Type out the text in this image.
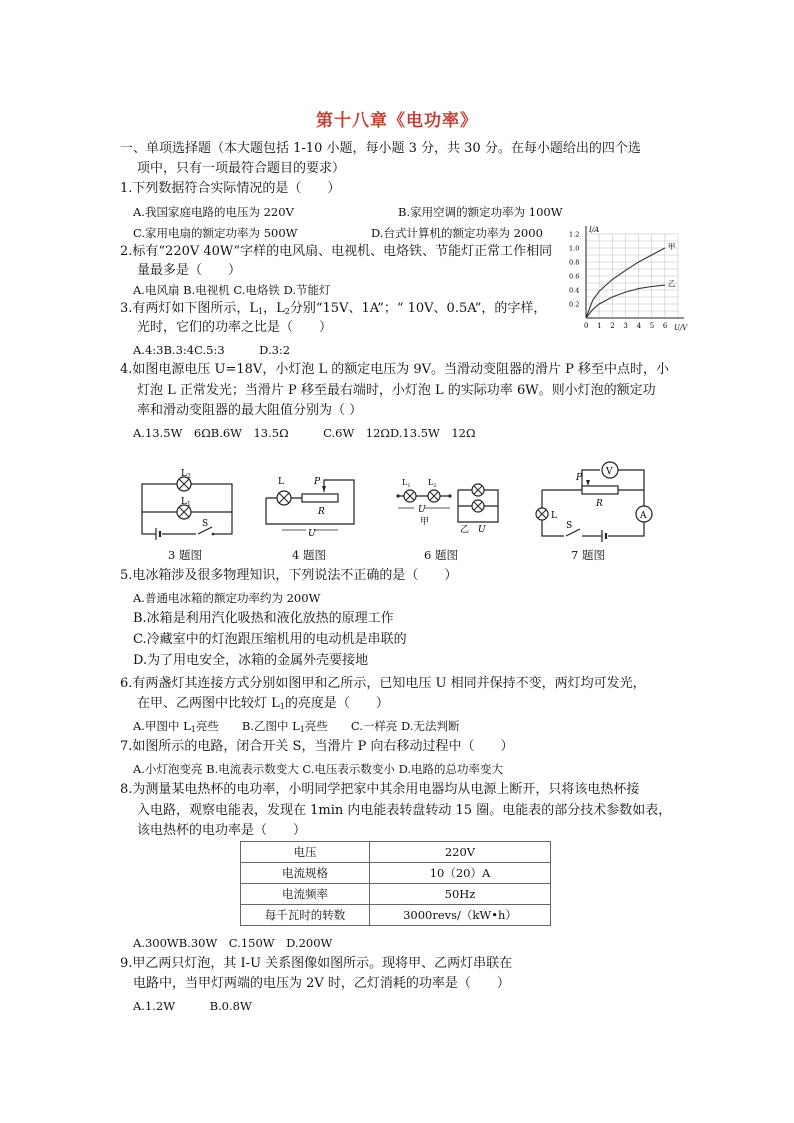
第十八章《电功率》
一、单项选择题（本大题包括 1-10 小题，每小题 3 分，共 30 分。在每小题给出的四个选
项中，只有一项最符合题目的要求）
1.下列数据符合实际情况的是（　　）
A.我国家庭电路的电压为 220V	B.家用空调的额定功率为 100W
C.家用电扇的额定功率为 500W	D.台式计算机的额定功率为 2000
2.标有“220V 40W”字样的电风扇、电视机、电烙铁、节能灯正常工作相同
量最多是（　　）
A.电风扇 B.电视机 C.电烙铁 D.节能灯
3.有两灯如下图所示，$L_1$，$L_2$分别“15V、1A”；“ 10V、0.5A”，的字样，
光时，它们的功率之比是（　　）
A.4:3B.3:4C.5:3　　　D.3:2
4.如图电源电压 U=18V，小灯泡 L 的额定电压为 9V。当滑动变阻器的滑片 P 移至中点时，小
灯泡 L 正常发光；当滑片 P 移至最右端时，小灯泡 L 的实际功率 6W。则小灯泡的额定功
率和滑动变阻器的最大阻值分别为（ ）
A.13.5W　6ΩB.6W　13.5Ω　　　C.6W　12ΩD.13.5W　12Ω
0 1 2 3 4 5 6
0.2
0.4
0.6
0.8
1.0
1.2
I/A
U/V
甲
乙
$L_2$
$L_1$
S
3 题图
L	P
R
U
4 题图
$L_1$ $L_2$
U
甲
乙 U
6 题图
V
A
P
R
L
S
7 题图
5.电冰箱涉及很多物理知识，下列说法不正确的是（　　）
A.普通电冰箱的额定功率约为 200W
B.冰箱是利用汽化吸热和液化放热的原理工作
C.冷藏室中的灯泡跟压缩机用的电动机是串联的
D.为了用电安全，冰箱的金属外壳要接地
6.有两盏灯其连接方式分别如图甲和乙所示，已知电压 U 相同并保持不变，两灯均可发光，
在甲、乙两图中比较灯 $L_1$的亮度是（　　）
A.甲图中 $L_1$亮些　　 B.乙图中 $L_1$亮些　　 C.一样亮 D.无法判断
7.如图所示的电路，闭合开关 S，当滑片 P 向右移动过程中（　　）
A.小灯泡变亮 B.电流表示数变大 C.电压表示数变小 D.电路的总功率变大
8.为测量某电热杯的电功率，小明同学把家中其余用电器均从电源上断开，只将该电热杯接
入电路，观察电能表，发现在 1min 内电能表转盘转动 15 圈。电能表的部分技术参数如表，
该电热杯的电功率是（　　）
电压	220V
电流规格	10（20）A
电流频率	50Hz
每千瓦时的转数	3000revs/（kW•h）
A.300WB.30W　C.150W　D.200W
9.甲乙两只灯泡，其 I-U 关系图像如图所示。现将甲、乙两灯串联在
电路中，当甲灯两端的电压为 2V 时，乙灯消耗的功率是（　　）
A.1.2W　　　B.0.8W
